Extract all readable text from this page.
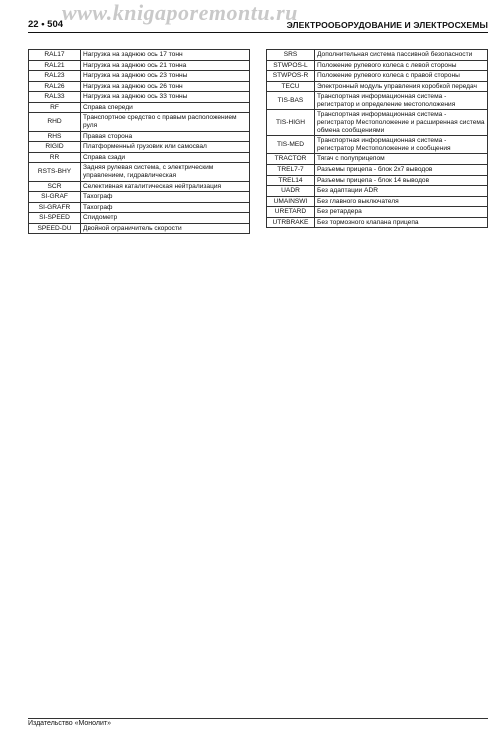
www.knigaporemontu.ru
22 • 504	ЭЛЕКТРООБОРУДОВАНИЕ И ЭЛЕКТРОСХЕМЫ
RAL17	Нагрузка на заднюю ось 17 тонн
RAL21	Нагрузка на заднюю ось 21 тонна
RAL23	Нагрузка на заднюю ось 23 тонны
RAL26	Нагрузка на заднюю ось 26 тонн
RAL33	Нагрузка на заднюю ось 33 тонны
RF	Справа спереди
RHD	Транспортное средство с правым расположением руля
RHS	Правая сторона
RIGID	Платформенный грузовик или самосвал
RR	Справа сзади
RSTS-BHY	Задняя рулевая система, с электрическим управлением, гидравлическая
SCR	Селективная каталитическая нейтрализация
SI-GRAF	Тахограф
SI-GRAFR	Тахограф
SI-SPEED	Спидометр
SPEED-DU	Двойной ограничитель скорости
SRS	Дополнительная система пассивной безопасности
STWPOS-L	Положение рулевого колеса с левой стороны
STWPOS-R	Положение рулевого колеса с правой стороны
TECU	Электронный модуль управления коробкой передач
TIS-BAS	Транспортная информационная система - регистратор и определение местоположения
TIS-HIGH	Транспортная информационная система - регистратор Местоположение и расширенная система обмена сообщениями
TIS-MED	Транспортная информационная система - регистратор Местоположение и сообщения
TRACTOR	Тягач с полуприцепом
TREL7-7	Разъемы прицепа - блок 2x7 выводов
TREL14	Разъемы прицепа - блок 14 выводов
UADR	Без адаптации ADR
UMAINSWI	Без главного выключателя
URETARD	Без ретардера
UTRBRAKE	Без тормозного клапана прицепа
Издательство «Монолит»
